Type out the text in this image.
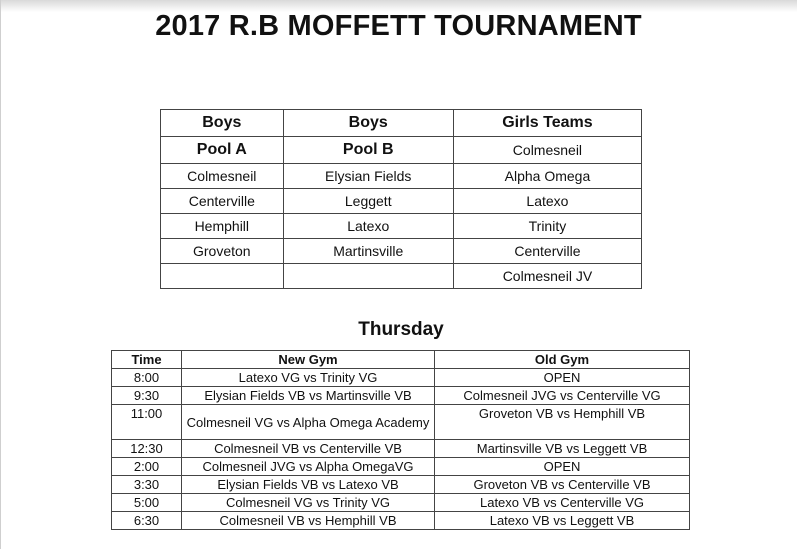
2017 R.B MOFFETT TOURNAMENT
Boys	Boys	Girls Teams
Pool A	Pool B	Colmesneil
Colmesneil	Elysian Fields	Alpha Omega
Centerville	Leggett	Latexo
Hemphill	Latexo	Trinity
Groveton	Martinsville	Centerville
		Colmesneil JV
Thursday
Time	New Gym	Old Gym
8:00	Latexo VG vs Trinity VG	OPEN
9:30	Elysian Fields VB vs Martinsville VB	Colmesneil JVG vs Centerville VG
11:00	Colmesneil VG vs Alpha Omega Academy	Groveton VB vs Hemphill VB
12:30	Colmesneil VB vs Centerville VB	Martinsville VB vs Leggett VB
2:00	Colmesneil JVG vs Alpha OmegaVG	OPEN
3:30	Elysian Fields VB vs Latexo VB	Groveton VB vs Centerville VB
5:00	Colmesneil VG vs Trinity VG	Latexo VB vs Centerville VG
6:30	Colmesneil VB vs Hemphill VB	Latexo VB vs Leggett VB
